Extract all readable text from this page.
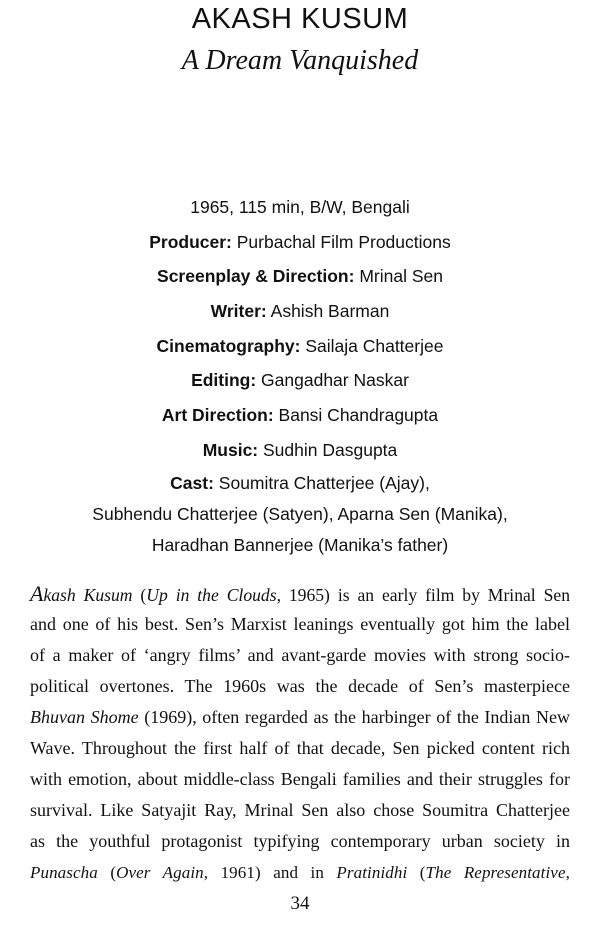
AKASH KUSUM
A Dream Vanquished
1965, 115 min, B/W, Bengali
Producer: Purbachal Film Productions
Screenplay & Direction: Mrinal Sen
Writer: Ashish Barman
Cinematography: Sailaja Chatterjee
Editing: Gangadhar Naskar
Art Direction: Bansi Chandragupta
Music: Sudhin Dasgupta
Cast: Soumitra Chatterjee (Ajay),
Subhendu Chatterjee (Satyen), Aparna Sen (Manika),
Haradhan Bannerjee (Manika’s father)
Akash Kusum (Up in the Clouds, 1965) is an early film by Mrinal Sen
and one of his best. Sen’s Marxist leanings eventually got him the label
of a maker of ‘angry films’ and avant-garde movies with strong socio-
political overtones. The 1960s was the decade of Sen’s masterpiece
Bhuvan Shome (1969), often regarded as the harbinger of the Indian New
Wave. Throughout the first half of that decade, Sen picked content rich
with emotion, about middle-class Bengali families and their struggles for
survival. Like Satyajit Ray, Mrinal Sen also chose Soumitra Chatterjee
as the youthful protagonist typifying contemporary urban society in
Punascha (Over Again, 1961) and in Pratinidhi (The Representative,
34
